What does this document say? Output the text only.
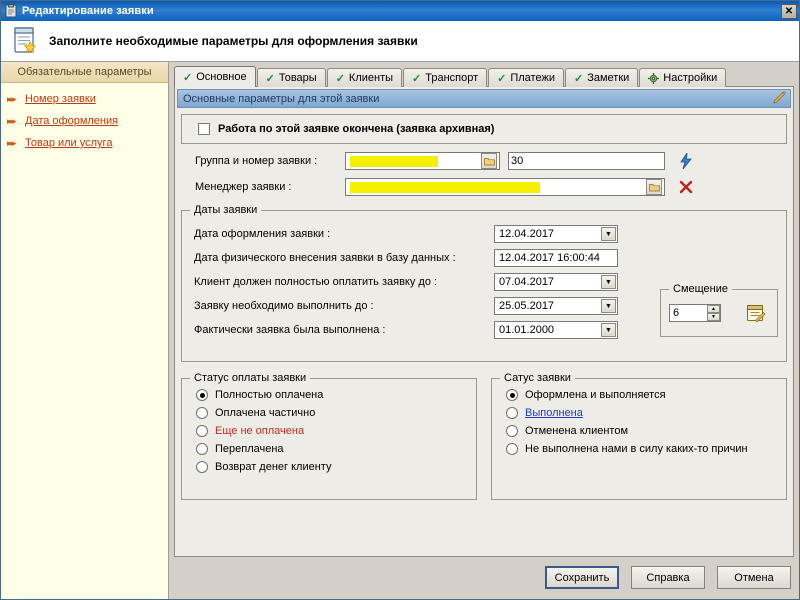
Редактирование заявки	✕
Заполните необходимые параметры для оформления заявки
Обязательные параметры
▸▸▸ Номер заявки
▸▸▸ Дата оформления
▸▸▸ Товар или услуга
✓ Основное ✓ Товары ✓ Клиенты ✓ Транспорт ✓ Платежи ✓ Заметки	Настройки
Основные параметры для этой заявки
Работа по этой заявке окончена (заявка архивная)
Группа и номер заявки :	30
Менеджер заявки :
Даты заявки
Дата оформления заявки :	12.04.2017	▼
Дата физического внесения заявки в базу данных :	12.04.2017 16:00:44
Клиент должен полностью оплатить заявку до :	07.04.2017	▼
Заявку необходимо выполнить до :	25.05.2017	▼
Фактически заявка была выполнена :	01.01.2000	▼
Смещение
6	▲
▼
Статус оплаты заявки
Полностью оплачена
Оплачена частично
Еще не оплачена
Переплачена
Возврат денег клиенту
Сатус заявки
Оформлена и выполняется
Выполнена
Отменена клиентом
Не выполнена нами в силу каких-то причин
Сохранить	Справка	Отмена
